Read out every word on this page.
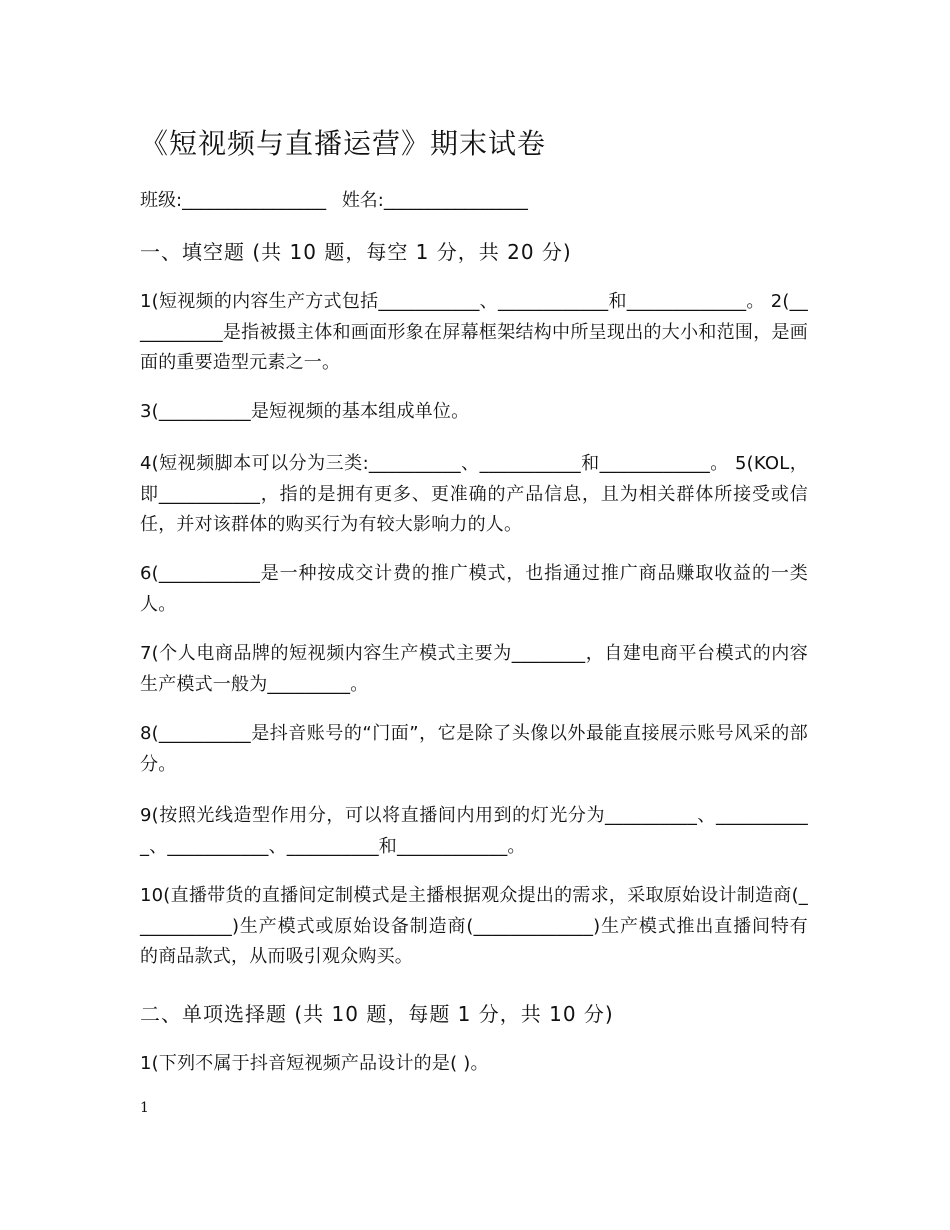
《短视频与直播运营》期末试卷
班级:________________ 姓名:________________
一、填空题 (共 10 题，每空 1 分，共 20 分)

1(短视频的内容生产方式包括___________、____________和_____________。 2(___________是指被摄主体和画面形象在屏幕框架结构中所呈现出的大小和范围，是画面的重要造型元素之一。

3(__________是短视频的基本组成单位。

4(短视频脚本可以分为三类:__________、___________和____________。 5(KOL，即___________，指的是拥有更多、更准确的产品信息，且为相关群体所接受或信任，并对该群体的购买行为有较大影响力的人。

6(___________是一种按成交计费的推广模式，也指通过推广商品赚取收益的一类人。

7(个人电商品牌的短视频内容生产模式主要为________，自建电商平台模式的内容生产模式一般为_________。

8(__________是抖音账号的“门面”，它是除了头像以外最能直接展示账号风采的部分。

9(按照光线造型作用分，可以将直播间内用到的灯光分为__________、___________、___________、__________和____________。

10(直播带货的直播间定制模式是主播根据观众提出的需求，采取原始设计制造商(___________)生产模式或原始设备制造商(_____________)生产模式推出直播间特有的商品款式，从而吸引观众购买。

二、单项选择题 (共 10 题，每题 1 分，共 10 分)

1(下列不属于抖音短视频产品设计的是( )。

1
